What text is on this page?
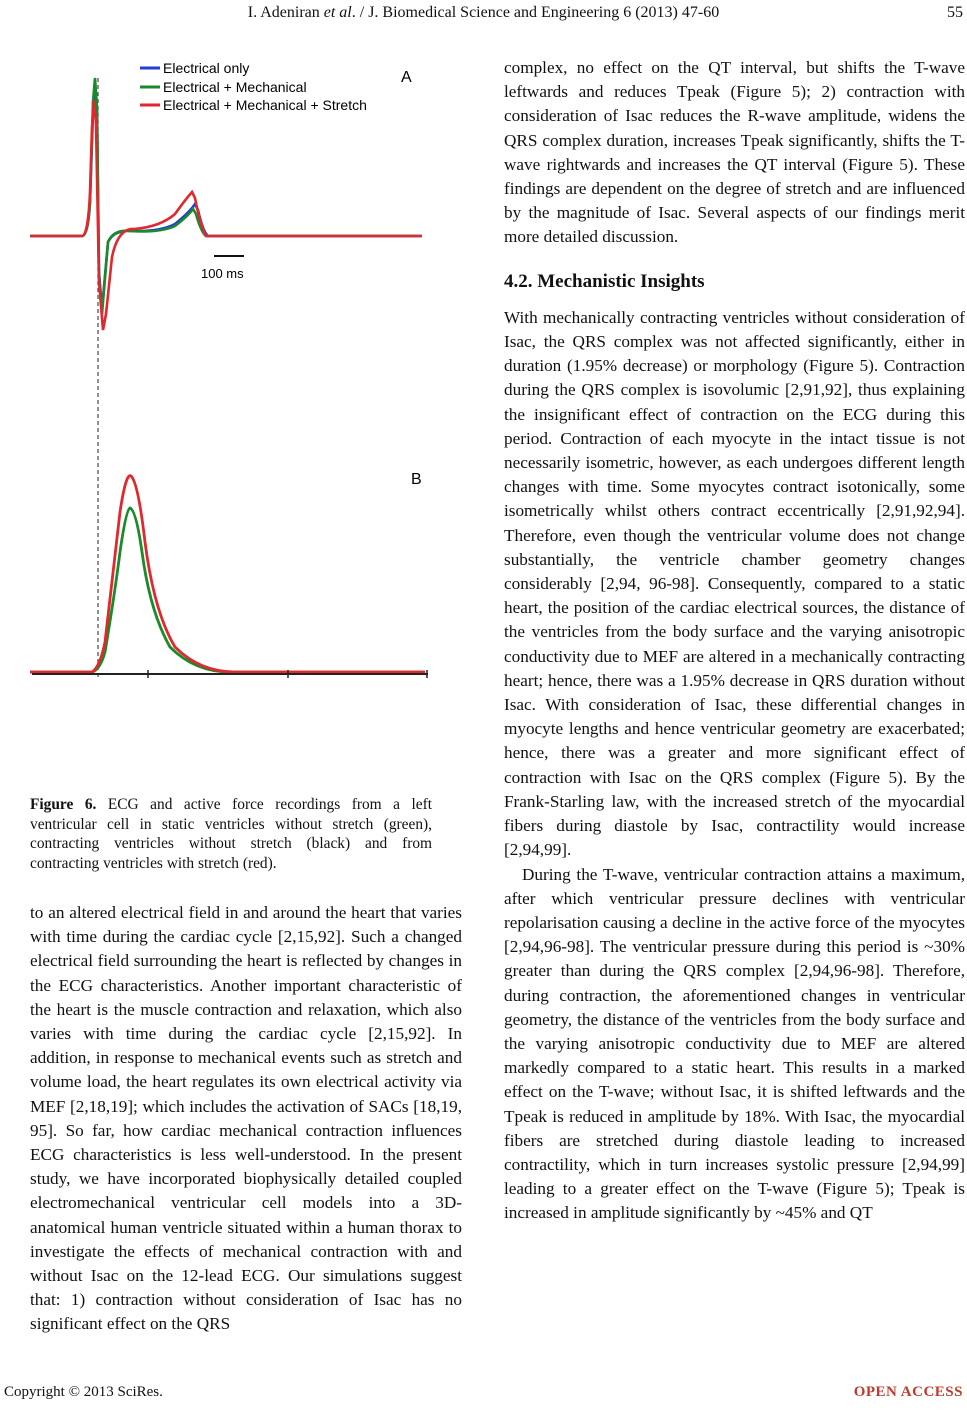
I. Adeniran et al. / J. Biomedical Science and Engineering 6 (2013) 47-60	55
Electrical only
Electrical + Mechanical
Electrical + Mechanical + Stretch
A
B
100 ms
Figure 6. ECG and active force recordings from a left ventricular cell in static ventricles without stretch (green), contracting ventricles without stretch (black) and from contracting ventricles with stretch (red).

to an altered electrical field in and around the heart that varies with time during the cardiac cycle [2,15,92]. Such a changed electrical field surrounding the heart is reflected by changes in the ECG characteristics. Another important characteristic of the heart is the muscle contraction and relaxation, which also varies with time during the cardiac cycle [2,15,92]. In addition, in response to mechanical events such as stretch and volume load, the heart regulates its own electrical activity via MEF [2,18,19]; which includes the activation of SACs [18,19, 95]. So far, how cardiac mechanical contraction influences ECG characteristics is less well-understood. In the present study, we have incorporated biophysically detailed coupled electromechanical ventricular cell models into a 3D-anatomical human ventricle situated within a human thorax to investigate the effects of mechanical contraction with and without Isac on the 12-lead ECG. Our simulations suggest that: 1) contraction without consideration of Isac has no significant effect on the QRS

complex, no effect on the QT interval, but shifts the T-wave leftwards and reduces Tpeak (Figure 5); 2) contraction with consideration of Isac reduces the R-wave amplitude, widens the QRS complex duration, increases Tpeak significantly, shifts the T-wave rightwards and increases the QT interval (Figure 5). These findings are dependent on the degree of stretch and are influenced by the magnitude of Isac. Several aspects of our findings merit more detailed discussion.

4.2. Mechanistic Insights

With mechanically contracting ventricles without consideration of Isac, the QRS complex was not affected significantly, either in duration (1.95% decrease) or morphology (Figure 5). Contraction during the QRS complex is isovolumic [2,91,92], thus explaining the insignificant effect of contraction on the ECG during this period. Contraction of each myocyte in the intact tissue is not necessarily isometric, however, as each undergoes different length changes with time. Some myocytes contract isotonically, some isometrically whilst others contract eccentrically [2,91,92,94]. Therefore, even though the ventricular volume does not change substantially, the ventricle chamber geometry changes considerably [2,94, 96-98]. Consequently, compared to a static heart, the position of the cardiac electrical sources, the distance of the ventricles from the body surface and the varying anisotropic conductivity due to MEF are altered in a mechanically contracting heart; hence, there was a 1.95% decrease in QRS duration without Isac. With consideration of Isac, these differential changes in myocyte lengths and hence ventricular geometry are exacerbated; hence, there was a greater and more significant effect of contraction with Isac on the QRS complex (Figure 5). By the Frank-Starling law, with the increased stretch of the myocardial fibers during diastole by Isac, contractility would increase [2,94,99].

During the T-wave, ventricular contraction attains a maximum, after which ventricular pressure declines with ventricular repolarisation causing a decline in the active force of the myocytes [2,94,96-98]. The ventricular pressure during this period is ~30% greater than during the QRS complex [2,94,96-98]. Therefore, during contraction, the aforementioned changes in ventricular geometry, the distance of the ventricles from the body surface and the varying anisotropic conductivity due to MEF are altered markedly compared to a static heart. This results in a marked effect on the T-wave; without Isac, it is shifted leftwards and the Tpeak is reduced in amplitude by 18%. With Isac, the myocardial fibers are stretched during diastole leading to increased contractility, which in turn increases systolic pressure [2,94,99] leading to a greater effect on the T-wave (Figure 5); Tpeak is increased in amplitude significantly by ~45% and QT

Copyright © 2013 SciRes.	OPEN ACCESS
